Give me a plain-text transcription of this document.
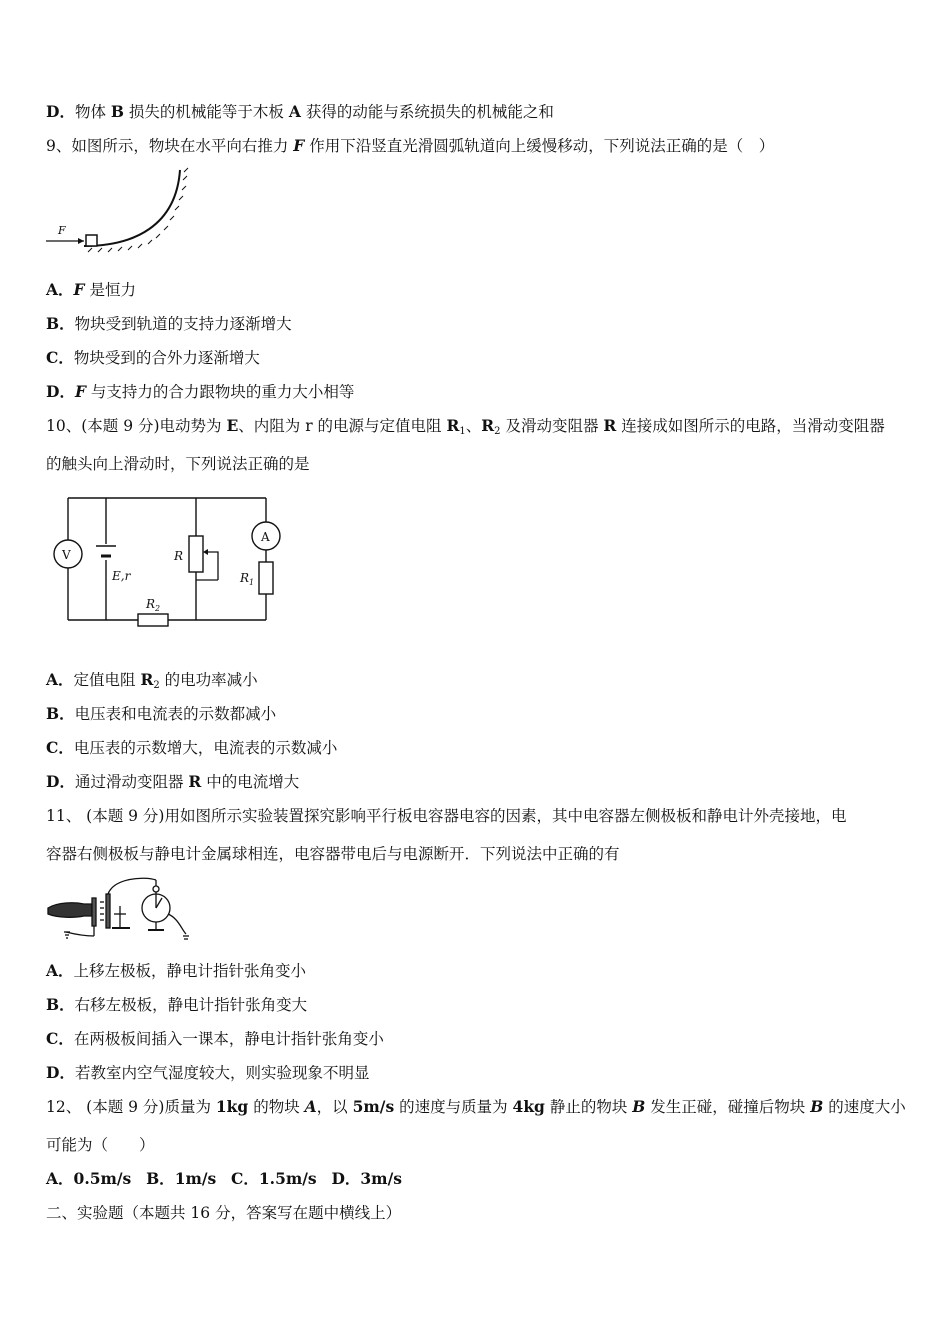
D．物体 B 损失的机械能等于木板 A 获得的动能与系统损失的机械能之和
9、如图所示，物块在水平向右推力 F 作用下沿竖直光滑圆弧轨道向上缓慢移动，下列说法正确的是（　）
F
A．F 是恒力
B．物块受到轨道的支持力逐渐增大
C．物块受到的合外力逐渐增大
D．F 与支持力的合力跟物块的重力大小相等
10、(本题 9 分)电动势为 E、内阻为 r 的电源与定值电阻 $R_1$、$R_2$ 及滑动变阻器 R 连接成如图所示的电路，当滑动变阻器
的触头向上滑动时，下列说法正确的是
V
E,r
R
A
$R_1$
$R_2$
A．定值电阻 $R_2$ 的电功率减小
B．电压表和电流表的示数都减小
C．电压表的示数增大，电流表的示数减小
D．通过滑动变阻器 R 中的电流增大
11、 (本题 9 分)用如图所示实验装置探究影响平行板电容器电容的因素，其中电容器左侧极板和静电计外壳接地，电
容器右侧极板与静电计金属球相连，电容器带电后与电源断开．下列说法中正确的有
A．上移左极板，静电计指针张角变小
B．右移左极板，静电计指针张角变大
C．在两极板间插入一课本，静电计指针张角变小
D．若教室内空气湿度较大，则实验现象不明显
12、 (本题 9 分)质量为 1kg 的物块 A，以 5m/s 的速度与质量为 4kg 静止的物块 B 发生正碰，碰撞后物块 B 的速度大小
可能为（　　）
A．0.5m/s B．1m/s C．1.5m/s D．3m/s
二、实验题（本题共 16 分，答案写在题中横线上）
